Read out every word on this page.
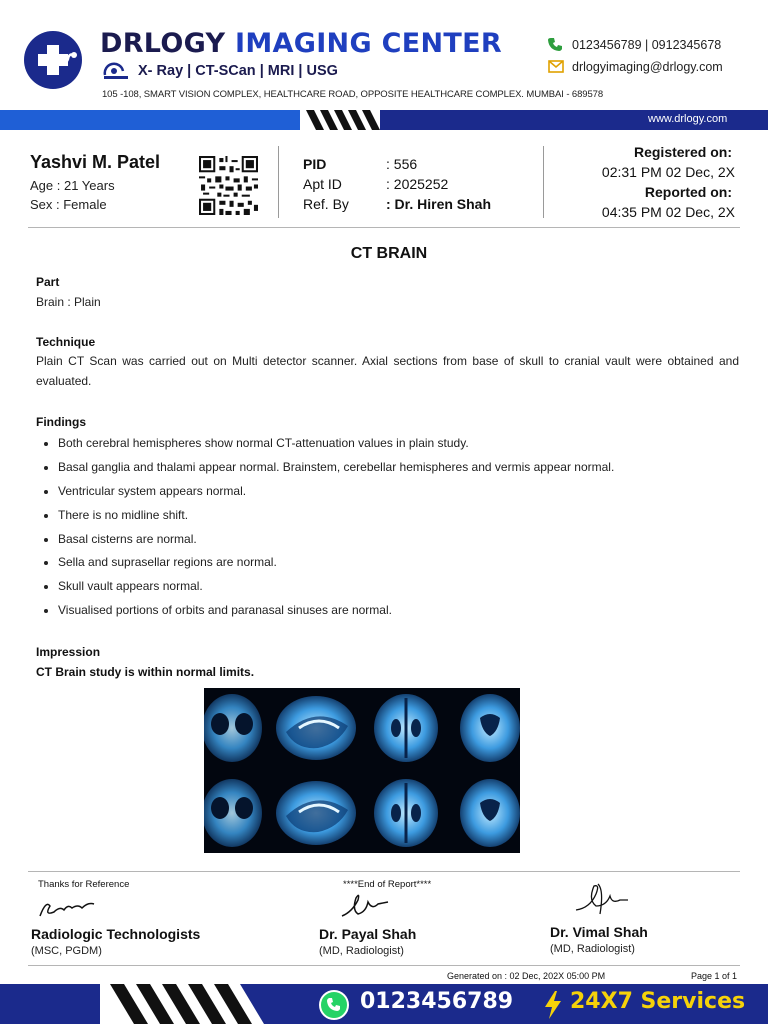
DRLOGY IMAGING CENTER
X- Ray | CT-SCan | MRI | USG
105 -108, SMART VISION COMPLEX, HEALTHCARE ROAD, OPPOSITE HEALTHCARE COMPLEX. MUMBAI - 689578
0123456789 | 0912345678
drlogyimaging@drlogy.com
www.drlogy.com
Yashvi M. Patel
Age : 21 Years
Sex : Female
PID	: 556
Apt ID	: 2025252
Ref. By	: Dr. Hiren Shah
Registered on:
02:31 PM 02 Dec, 2X
Reported on:
04:35 PM 02 Dec, 2X
CT BRAIN
Part
Brain : Plain
Technique
Plain CT Scan was carried out on Multi detector scanner. Axial sections from base of skull to cranial vault were obtained and evaluated.
Findings
• Both cerebral hemispheres show normal CT-attenuation values in plain study.
• Basal ganglia and thalami appear normal. Brainstem, cerebellar hemispheres and vermis appear normal.
• Ventricular system appears normal.
• There is no midline shift.
• Basal cisterns are normal.
• Sella and suprasellar regions are normal.
• Skull vault appears normal.
• Visualised portions of orbits and paranasal sinuses are normal.
Impression
CT Brain study is within normal limits.
Thanks for Reference	****End of Report****
Radiologic Technologists
(MSC, PGDM)
Dr. Payal Shah
(MD, Radiologist)
Dr. Vimal Shah
(MD, Radiologist)
Generated on : 02 Dec, 202X 05:00 PM	Page 1 of 1
0123456789	24X7 Services
